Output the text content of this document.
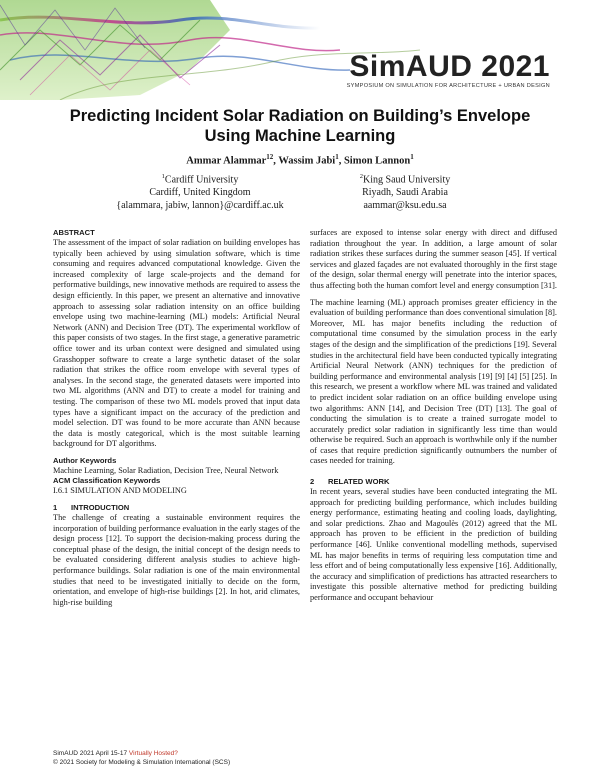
SimAUD 2021
SYMPOSIUM ON SIMULATION FOR ARCHITECTURE + URBAN DESIGN
Predicting Incident Solar Radiation on Building’s Envelope
Using Machine Learning
Ammar Alammar$^{12}$, Wassim Jabi$^1$, Simon Lannon$^1$
$^1$Cardiff University
Cardiff, United Kingdom
{alammara, jabiw, lannon}@cardiff.ac.uk
$^2$King Saud University
Riyadh, Saudi Arabia
aammar@ksu.edu.sa
ABSTRACT

The assessment of the impact of solar radiation on building envelopes has typically been achieved by using simulation software, which is time consuming and requires advanced computational knowledge. Given the increased complexity of large scale-projects and the demand for performative buildings, new innovative methods are required to assess the design efficiently. In this paper, we present an alternative and innovative approach to assessing solar radiation intensity on an office building envelope using two machine-learning (ML) models: Artificial Neural Network (ANN) and Decision Tree (DT). The experimental workflow of this paper consists of two stages. In the first stage, a generative parametric office tower and its urban context were designed and simulated using Grasshopper software to create a large synthetic dataset of the solar radiation that strikes the office room envelope with several types of analyses. In the second stage, the generated datasets were imported into two ML algorithms (ANN and DT) to create a model for training and testing. The comparison of these two ML models proved that input data types have a significant impact on the accuracy of the prediction and model selection. DT was found to be more accurate than ANN because the data is mostly categorical, which is the most suitable learning background for DT algorithms.

Author Keywords

Machine Learning, Solar Radiation, Decision Tree, Neural Network

ACM Classification Keywords

I.6.1 SIMULATION AND MODELING

1 INTRODUCTION

The challenge of creating a sustainable environment requires the incorporation of building performance evaluation in the early stages of the design process [12]. To support the decision-making process during the conceptual phase of the design, the initial concept of the design needs to be evaluated considering different analysis studies to achieve high-performance buildings. Solar radiation is one of the main environmental studies that need to be investigated initially to decide on the form, orientation, and envelope of high-rise buildings [2]. In hot, arid climates, high-rise building

surfaces are exposed to intense solar energy with direct and diffused radiation throughout the year. In addition, a large amount of solar radiation strikes these surfaces during the summer season [45]. If vertical services and glazed façades are not evaluated thoroughly in the first stage of the design, solar thermal energy will penetrate into the interior spaces, thus affecting both the human comfort level and energy consumption [31].

The machine learning (ML) approach promises greater efficiency in the evaluation of building performance than does conventional simulation [8]. Moreover, ML has major benefits including the reduction of computational time consumed by the simulation process in the early stages of the design and the simplification of the predictions [19]. Several studies in the architectural field have been conducted typically integrating Artificial Neural Network (ANN) techniques for the prediction of building performance and environmental analysis [19] [9] [4] [5] [25]. In this research, we present a workflow where ML was trained and validated to predict incident solar radiation on an office building envelope using two algorithms: ANN [14], and Decision Tree (DT) [13]. The goal of conducting the simulation is to create a trained surrogate model to accurately predict solar radiation in significantly less time than would otherwise be required. Such an approach is worthwhile only if the number of cases that require prediction significantly outnumbers the number of cases needed for training.

2 RELATED WORK

In recent years, several studies have been conducted integrating the ML approach for predicting building performance, which includes building energy performance, estimating heating and cooling loads, daylighting, and solar predictions. Zhao and Magoulès (2012) agreed that the ML approach has proven to be efficient in the prediction of building performance [46]. Unlike conventional modelling methods, supervised ML has major benefits in terms of requiring less computation time and less effort and of being computationally less expensive [16]. Additionally, the accuracy and simplification of predictions has attracted researchers to investigate this possible alternative method for predicting building performance and occupant behaviour

SimAUD 2021 April 15-17 Virtually Hosted?
© 2021 Society for Modeling & Simulation International (SCS)
